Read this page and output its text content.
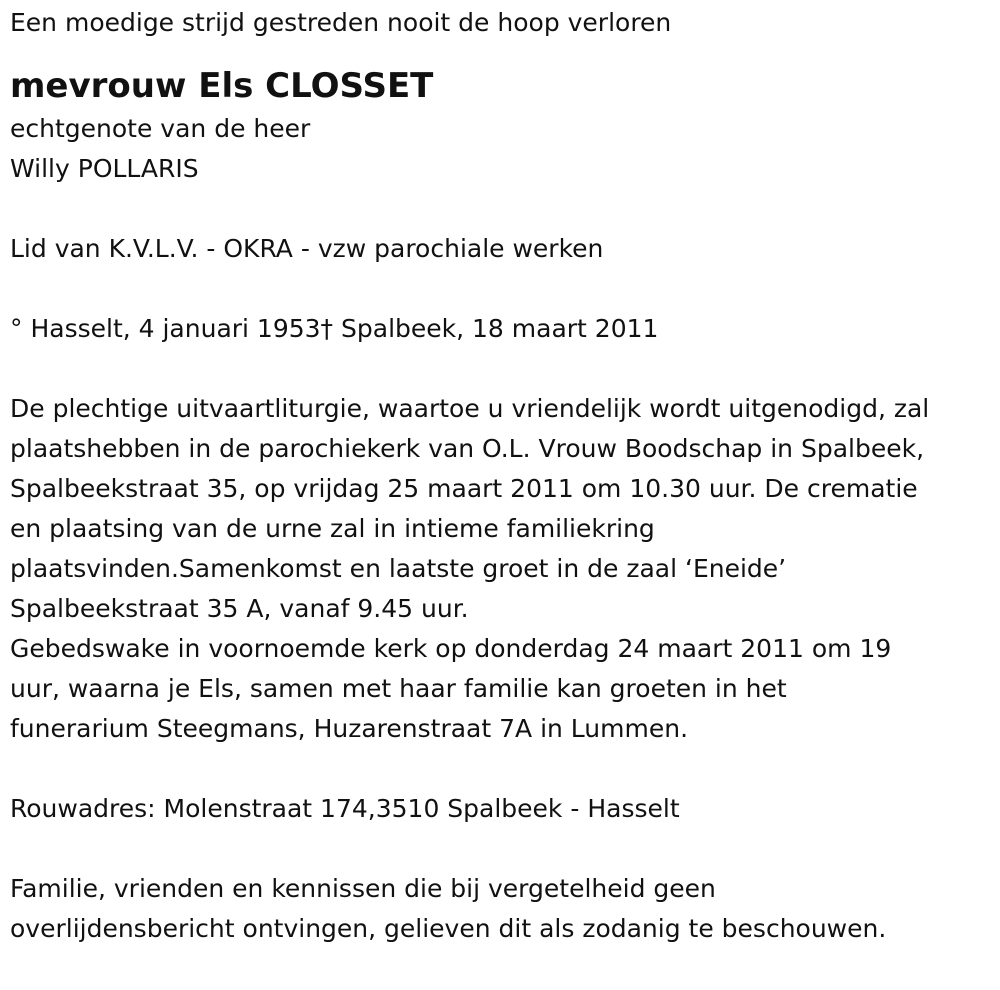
Een moedige strijd gestreden nooit de hoop verloren
mevrouw Els CLOSSET
echtgenote van de heer
Willy POLLARIS
Lid van K.V.L.V. - OKRA - vzw parochiale werken
° Hasselt, 4 januari 1953† Spalbeek, 18 maart 2011
De plechtige uitvaartliturgie, waartoe u vriendelijk wordt uitgenodigd, zal
plaatshebben in de parochiekerk van O.L. Vrouw Boodschap in Spalbeek,
Spalbeekstraat 35, op vrijdag 25 maart 2011 om 10.30 uur. De crematie
en plaatsing van de urne zal in intieme familiekring
plaatsvinden.Samenkomst en laatste groet in de zaal ‘Eneide’
Spalbeekstraat 35 A, vanaf 9.45 uur.
Gebedswake in voornoemde kerk op donderdag 24 maart 2011 om 19
uur, waarna je Els, samen met haar familie kan groeten in het
funerarium Steegmans, Huzarenstraat 7A in Lummen.
Rouwadres: Molenstraat 174,3510 Spalbeek - Hasselt
Familie, vrienden en kennissen die bij vergetelheid geen
overlijdensbericht ontvingen, gelieven dit als zodanig te beschouwen.
